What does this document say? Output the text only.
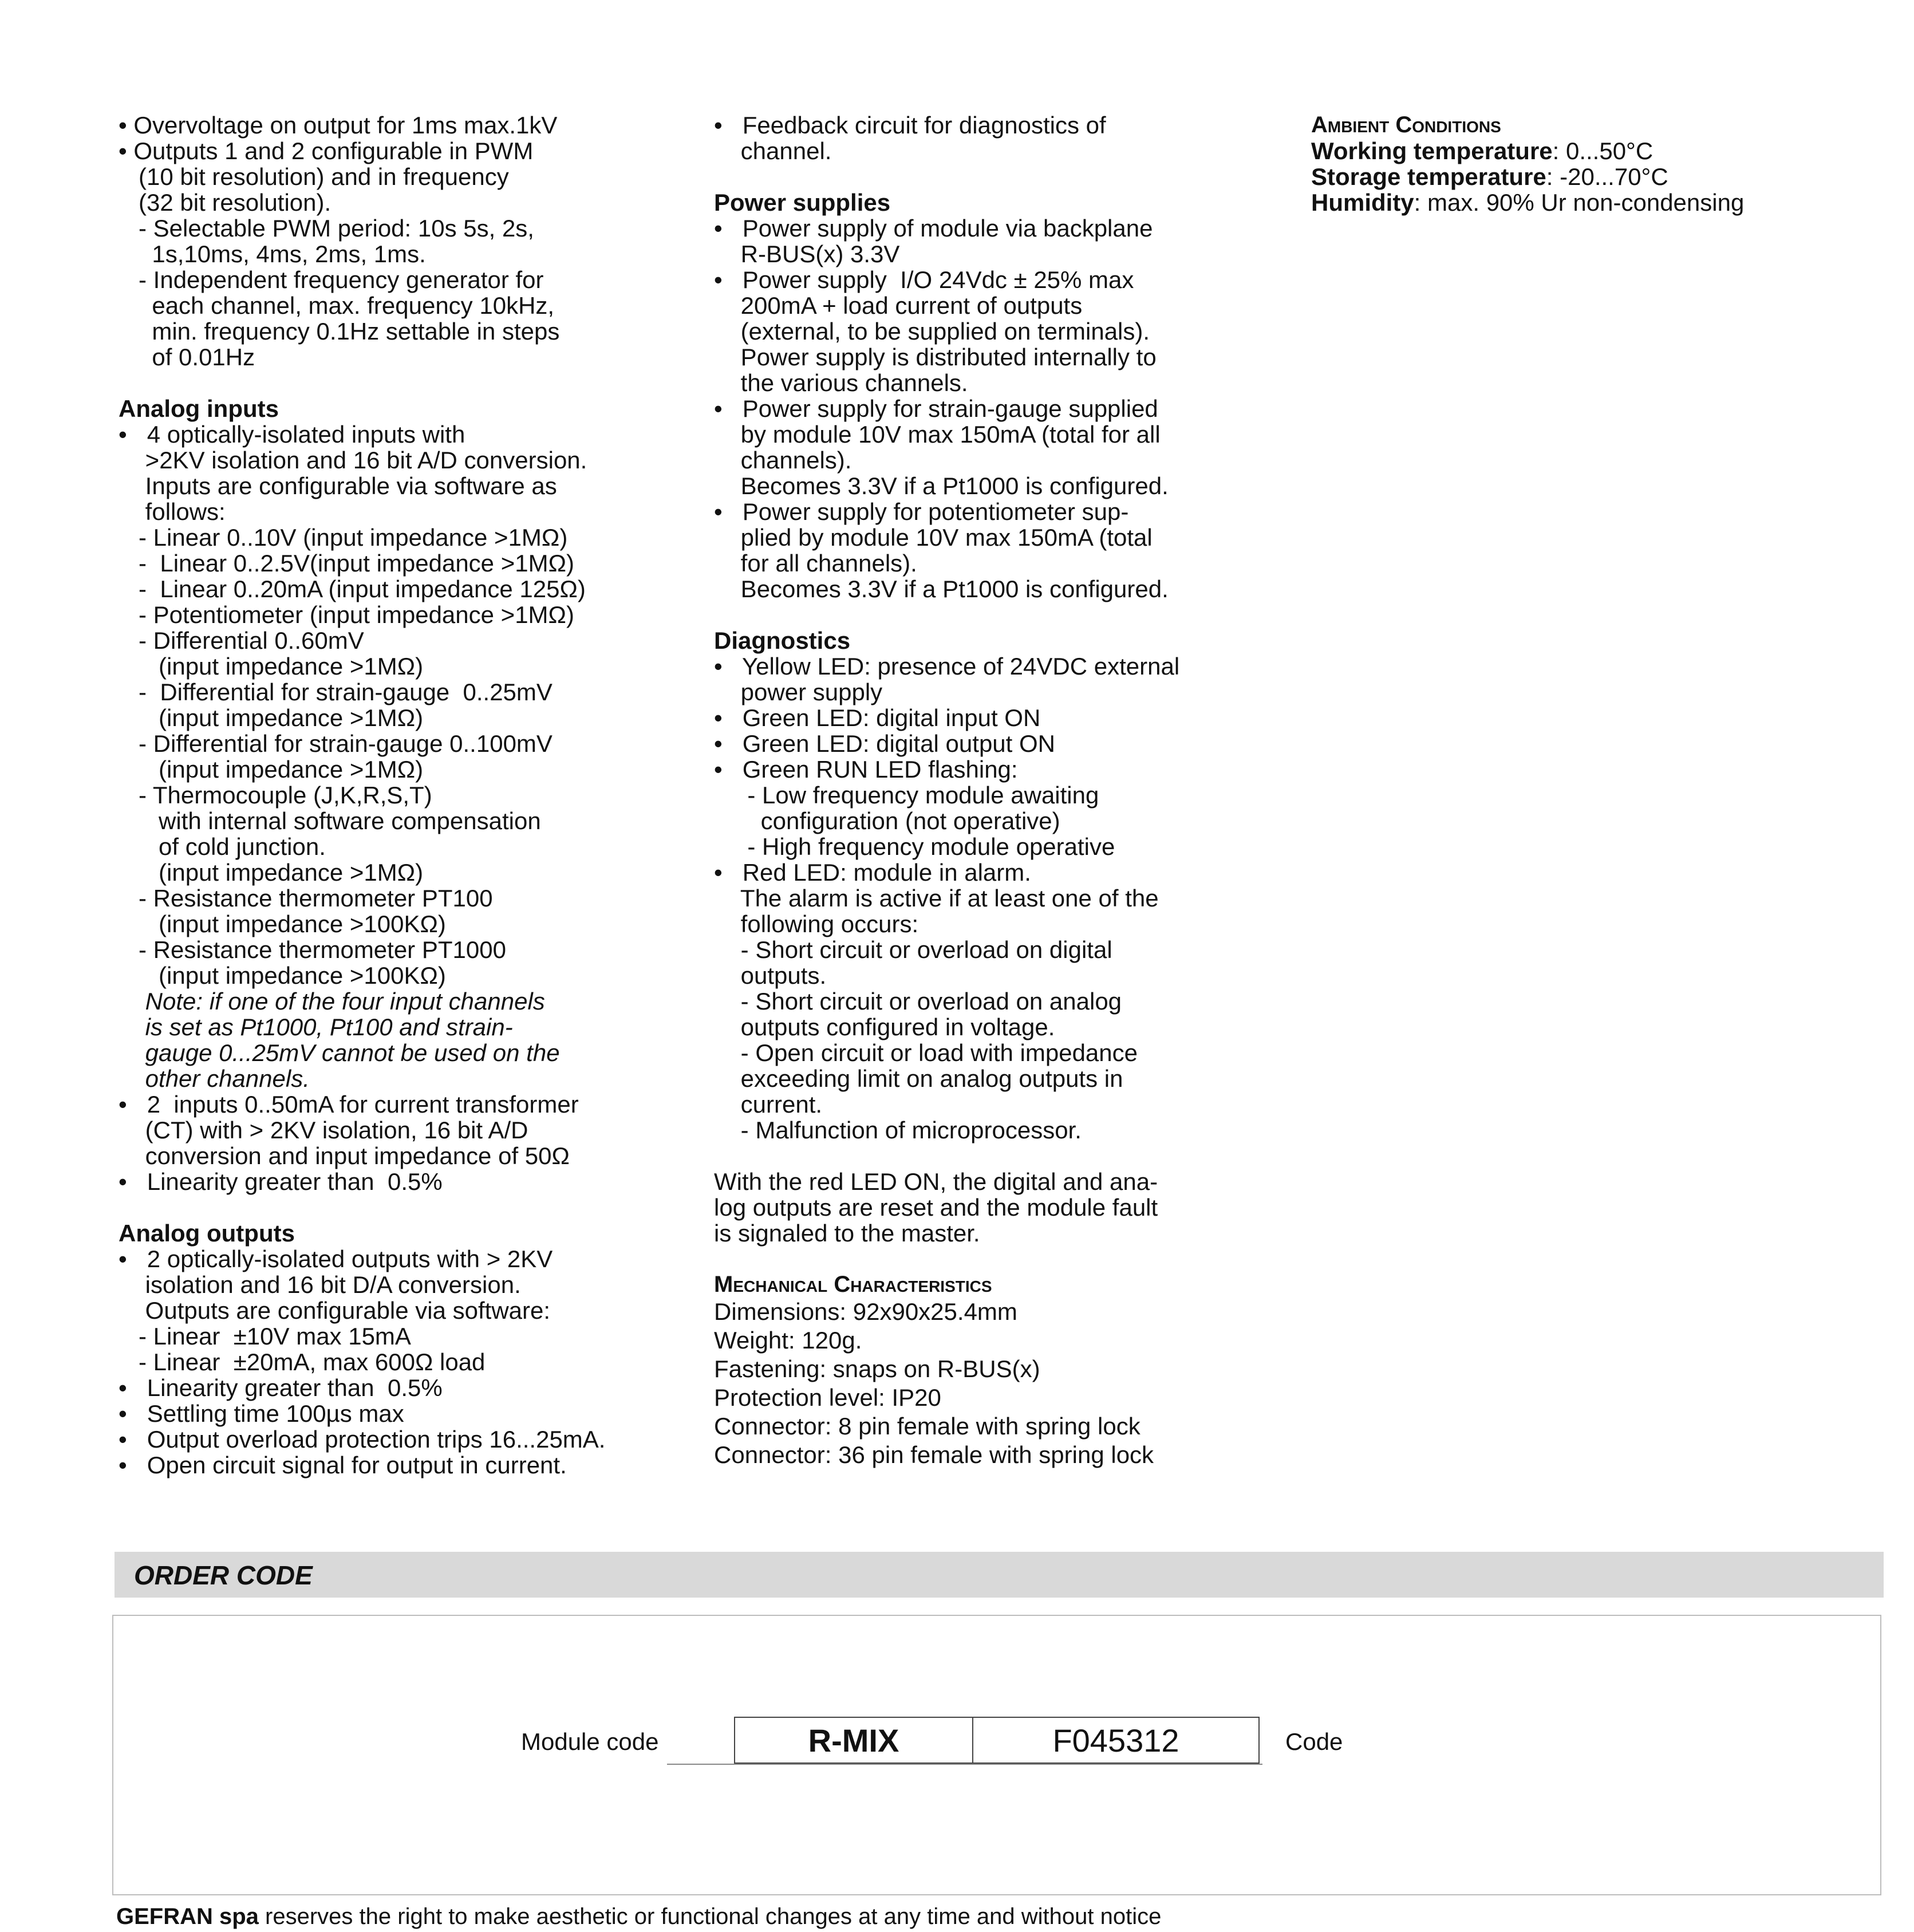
• Overvoltage on output for 1ms max.1kV
• Outputs 1 and 2 configurable in PWM
(10 bit resolution) and in frequency
(32 bit resolution).
- Selectable PWM period: 10s 5s, 2s,
1s,10ms, 4ms, 2ms, 1ms.
- Independent frequency generator for
each channel, max. frequency 10kHz,
min. frequency 0.1Hz settable in steps
of 0.01Hz
Analog inputs
•   4 optically-isolated inputs with
>2KV isolation and 16 bit A/D conversion.
Inputs are configurable via software as
follows:
- Linear 0..10V (input impedance >1MΩ)
-  Linear 0..2.5V(input impedance >1MΩ)
-  Linear 0..20mA (input impedance 125Ω)
- Potentiometer (input impedance >1MΩ)
- Differential 0..60mV
(input impedance >1MΩ)
-  Differential for strain-gauge  0..25mV
(input impedance >1MΩ)
- Differential for strain-gauge 0..100mV
(input impedance >1MΩ)
- Thermocouple (J,K,R,S,T)
with internal software compensation
of cold junction.
(input impedance >1MΩ)
- Resistance thermometer PT100
(input impedance >100KΩ)
- Resistance thermometer PT1000
(input impedance >100KΩ)
Note: if one of the four input channels
is set as Pt1000, Pt100 and strain-
gauge 0...25mV cannot be used on the
other channels.
•   2  inputs 0..50mA for current transformer
(CT) with > 2KV isolation, 16 bit A/D
conversion and input impedance of 50Ω
•   Linearity greater than  0.5%
Analog outputs
•   2 optically-isolated outputs with > 2KV
isolation and 16 bit D/A conversion.
Outputs are configurable via software:
- Linear  ±10V max 15mA
- Linear  ±20mA, max 600Ω load
•   Linearity greater than  0.5%
•   Settling time 100µs max
•   Output overload protection trips 16...25mA.
•   Open circuit signal for output in current.
•   Feedback circuit for diagnostics of
channel.
Power supplies
•   Power supply of module via backplane
R-BUS(x) 3.3V
•   Power supply  I/O 24Vdc ± 25% max
200mA + load current of outputs
(external, to be supplied on terminals).
Power supply is distributed internally to
the various channels.
•   Power supply for strain-gauge supplied
by module 10V max 150mA (total for all
channels).
Becomes 3.3V if a Pt1000 is configured.
•   Power supply for potentiometer sup-
plied by module 10V max 150mA (total
for all channels).
Becomes 3.3V if a Pt1000 is configured.
Diagnostics
•   Yellow LED: presence of 24VDC external
power supply
•   Green LED: digital input ON
•   Green LED: digital output ON
•   Green RUN LED flashing:
- Low frequency module awaiting
configuration (not operative)
- High frequency module operative
•   Red LED: module in alarm.
The alarm is active if at least one of the
following occurs:
- Short circuit or overload on digital
outputs.
- Short circuit or overload on analog
outputs configured in voltage.
- Open circuit or load with impedance
exceeding limit on analog outputs in
current.
- Malfunction of microprocessor.
With the red LED ON, the digital and ana-
log outputs are reset and the module fault
is signaled to the master.
Mechanical Characteristics
Dimensions: 92x90x25.4mm
Weight: 120g.
Fastening: snaps on R-BUS(x)
Protection level: IP20
Connector: 8 pin female with spring lock
Connector: 36 pin female with spring lock
Ambient Conditions
Working temperature: 0...50°C
Storage temperature: -20...70°C
Humidity: max. 90% Ur non-condensing
ORDER CODE
Module code	R-MIX	F045312	Code
GEFRAN spa reserves the right to make aesthetic or functional changes at any time and without notice
